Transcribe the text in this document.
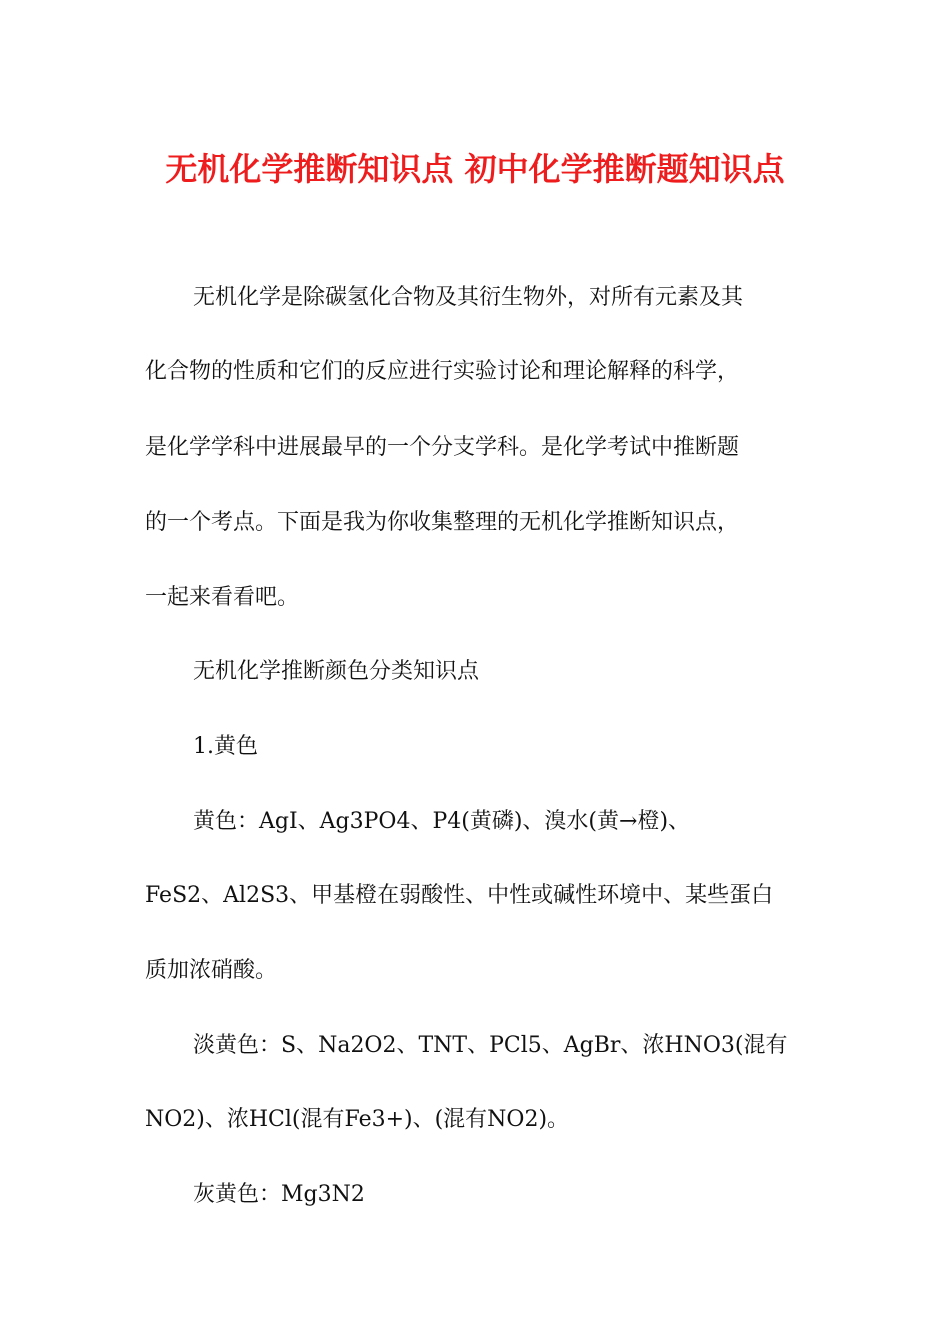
无机化学推断知识点 初中化学推断题知识点
无机化学是除碳氢化合物及其衍生物外，对所有元素及其
化合物的性质和它们的反应进行实验讨论和理论解释的科学，
是化学学科中进展最早的一个分支学科。是化学考试中推断题
的一个考点。下面是我为你收集整理的无机化学推断知识点，
一起来看看吧。
无机化学推断颜色分类知识点
1.黄色
黄色：AgI、Ag3PO4、P4(黄磷)、溴水(黄→橙)、
FeS2、Al2S3、甲基橙在弱酸性、中性或碱性环境中、某些蛋白
质加浓硝酸。
淡黄色：S、Na2O2、TNT、PCl5、AgBr、浓HNO3(混有
NO2)、浓HCl(混有Fe3+)、(混有NO2)。
灰黄色：Mg3N2
